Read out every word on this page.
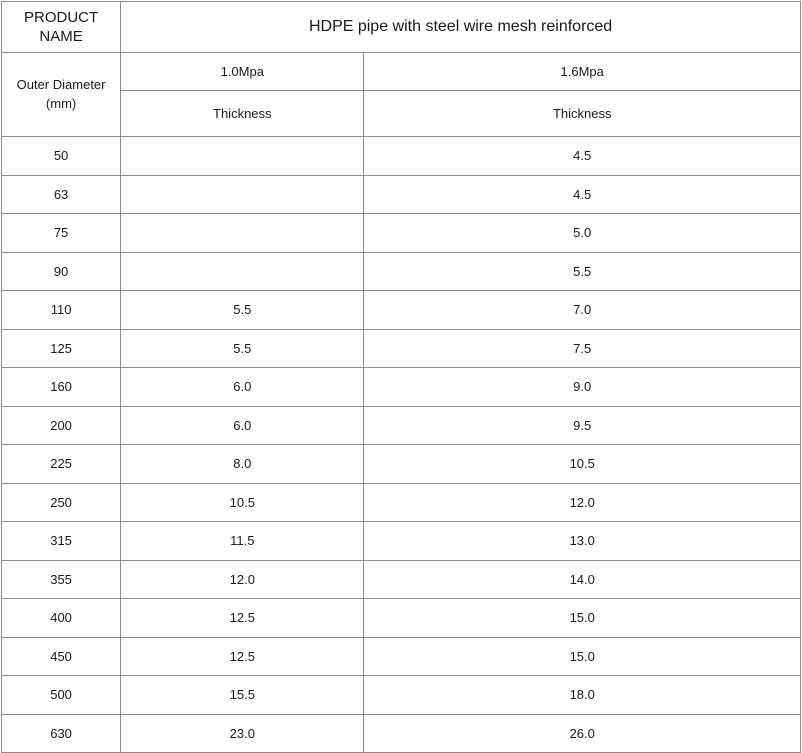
PRODUCT
NAME	HDPE pipe with steel wire mesh reinforced	

Outer Diameter
(mm)	1.0Mpa	1.6Mpa
	Thickness	Thickness
50		4.5
63		4.5
75		5.0
90		5.5
110	5.5	7.0
125	5.5	7.5
160	6.0	9.0
200	6.0	9.5
225	8.0	10.5
250	10.5	12.0
315	11.5	13.0
355	12.0	14.0
400	12.5	15.0
450	12.5	15.0
500	15.5	18.0
630	23.0	26.0
